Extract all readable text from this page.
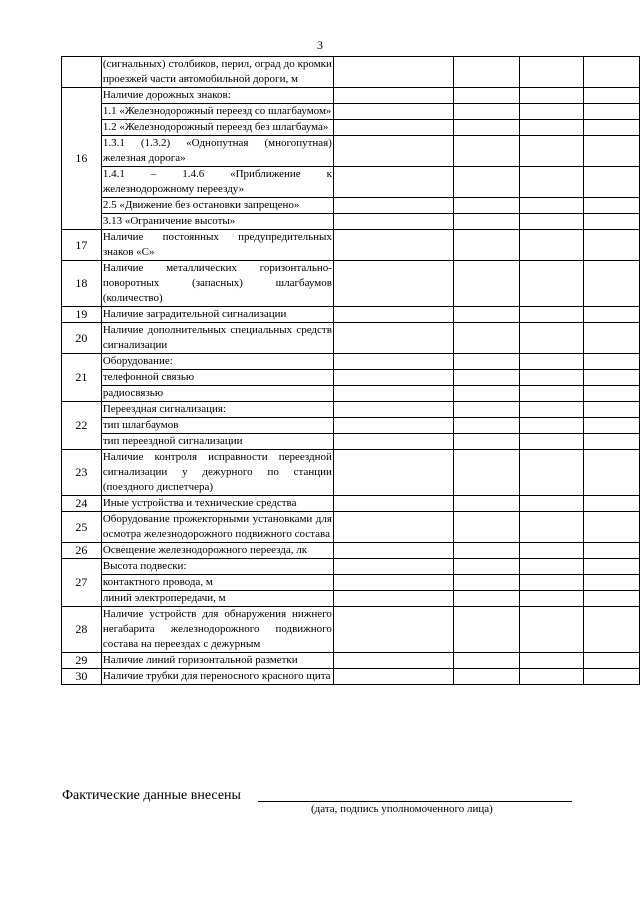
3
	(сигнальных) столбиков, перил, оград до кромки проезжей части автомобильной дороги, м				
16	Наличие дорожных знаков:				
	1.1 «Железнодорожный переезд со шлагбаумом»				
	1.2 «Железнодорожный переезд без шлагбаума»				
	1.3.1 (1.3.2) «Однопутная (многопутная) железная дорога»				
	1.4.1 – 1.4.6 «Приближение к железнодорожному переезду»				
	2.5 «Движение без остановки запрещено»				
	3.13 «Ограничение высоты»				
17	Наличие постоянных предупредительных знаков «С»				
18	Наличие металлических горизонтально-поворотных (запасных) шлагбаумов (количество)				
19	Наличие заградительной сигнализации				
20	Наличие дополнительных специальных средств сигнализации				
21	Оборудование:				
	телефонной связью				
	радиосвязью				
22	Переездная сигнализация:				
	тип шлагбаумов				
	тип переездной сигнализации				
23	Наличие контроля исправности переездной сигнализации у дежурного по станции (поездного диспетчера)				
24	Иные устройства и технические средства				
25	Оборудование прожекторными установками для осмотра железнодорожного подвижного состава				
26	Освещение железнодорожного переезда, лк				
27	Высота подвески:				
	контактного провода, м				
	линий электропередачи, м				
28	Наличие устройств для обнаружения нижнего негабарита железнодорожного подвижного состава на переездах с дежурным				
29	Наличие линий горизонтальной разметки				
30	Наличие трубки для переносного красного щита				
Фактические данные внесены
(дата, подпись уполномоченного лица)
